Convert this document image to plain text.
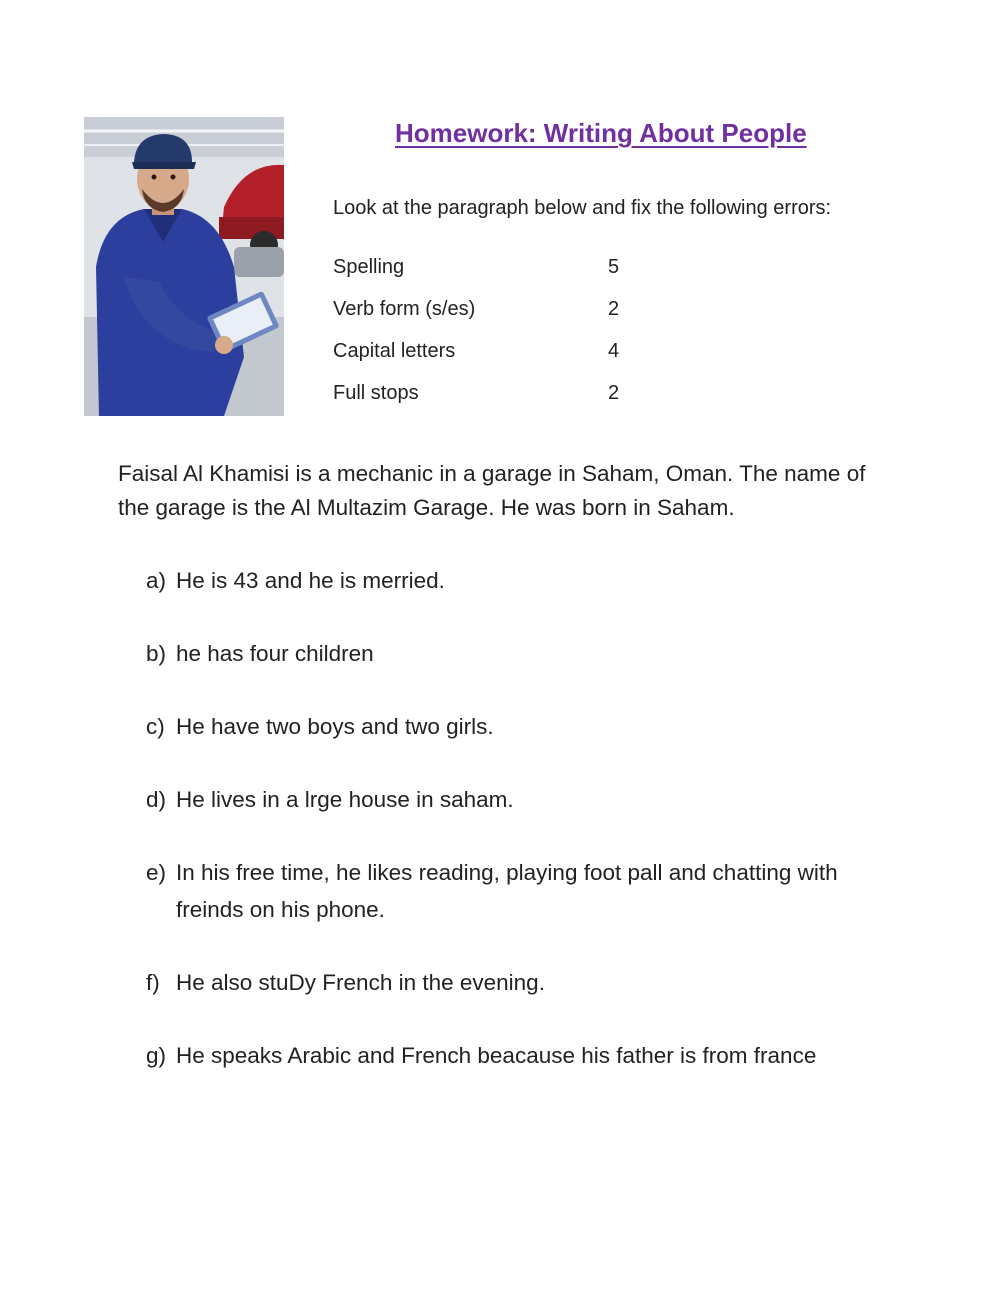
Homework: Writing About People
Look at the paragraph below and fix the following errors:
Spelling	5
Verb form (s/es)	2
Capital letters	4
Full stops	2

Faisal Al Khamisi is a mechanic in a garage in Saham, Oman. The name of the garage is the Al Multazim Garage. He was born in Saham.

a) He is 43 and he is merried.
b) he has four children
c) He have two boys and two girls.
d) He lives in a lrge house in saham.
e) In his free time, he likes reading, playing foot pall and chatting with freinds on his phone.
f) He also stuDy French in the evening.
g) He speaks Arabic and French beacause his father is from france
